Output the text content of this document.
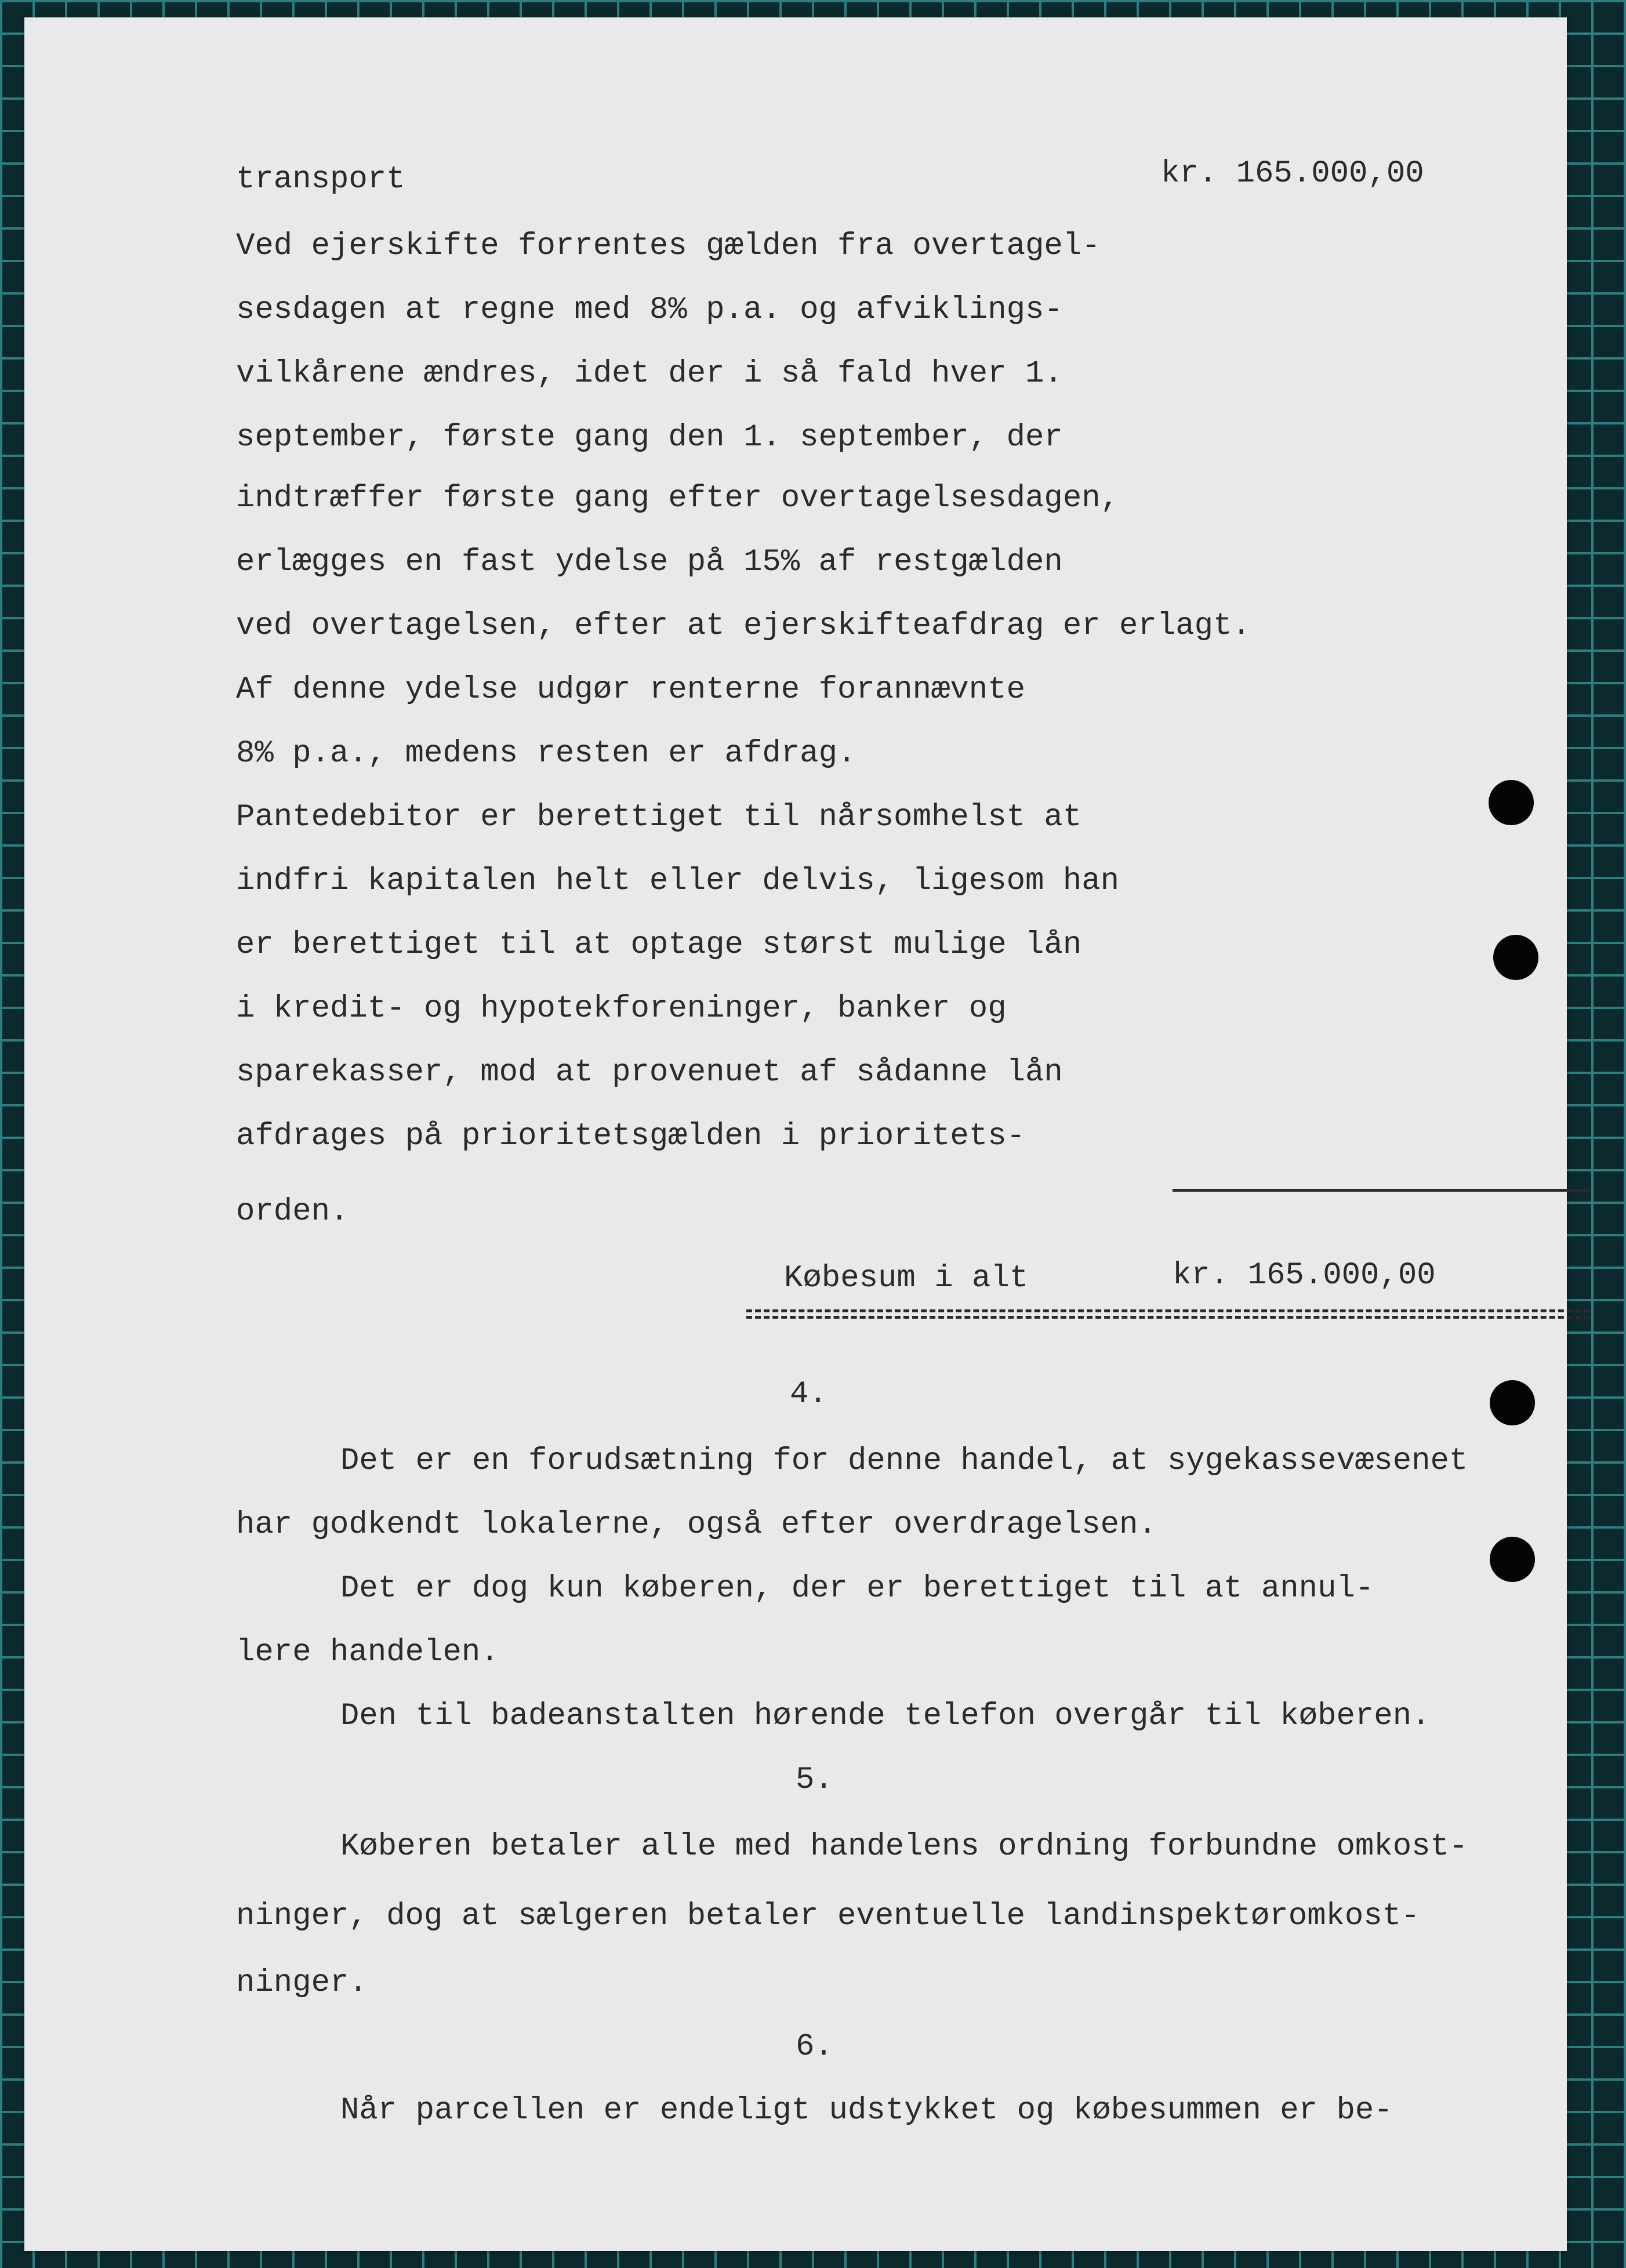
transport	kr. 165.000,00

Ved ejerskifte forrentes gælden fra overtagel-

sesdagen at regne med 8% p.a. og afviklings-

vilkårene ændres, idet der i så fald hver 1.

september, første gang den 1. september, der

indtræffer første gang efter overtagelsesdagen,

erlægges en fast ydelse på 15% af restgælden

ved overtagelsen, efter at ejerskifteafdrag er erlagt.

Af denne ydelse udgør renterne forannævnte

8% p.a., medens resten er afdrag.

Pantedebitor er berettiget til nårsomhelst at

indfri kapitalen helt eller delvis, ligesom han

er berettiget til at optage størst mulige lån

i kredit- og hypotekforeninger, banker og

sparekasser, mod at provenuet af sådanne lån

afdrages på prioritetsgælden i prioritets-

orden.

Købesum i alt	kr. 165.000,00

4.

Det er en forudsætning for denne handel, at sygekassevæsenet

har godkendt lokalerne, også efter overdragelsen.

Det er dog kun køberen, der er berettiget til at annul-

lere handelen.

Den til badeanstalten hørende telefon overgår til køberen.

5.

Køberen betaler alle med handelens ordning forbundne omkost-

ninger, dog at sælgeren betaler eventuelle landinspektøromkost-

ninger.

6.

Når parcellen er endeligt udstykket og købesummen er be-
